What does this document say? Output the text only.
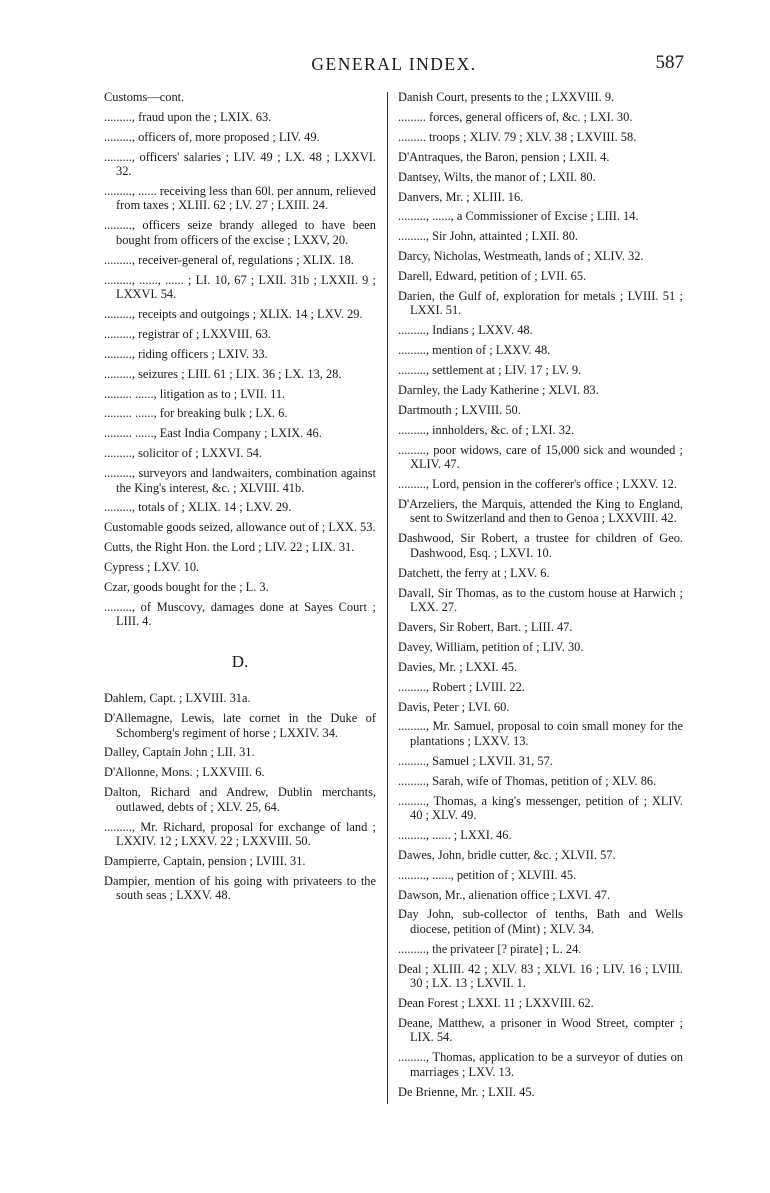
GENERAL INDEX.	587

Customs—cont.

........., fraud upon the ; LXIX. 63.

........., officers of, more proposed ; LIV. 49.

........., officers' salaries ; LIV. 49 ; LX. 48 ; LXXVI. 32.

........., ...... receiving less than 60l. per annum, relieved from taxes ; XLIII. 62 ; LV. 27 ; LXIII. 24.

........., officers seize brandy alleged to have been bought from officers of the excise ; LXXV, 20.

........., receiver-general of, regulations ; XLIX. 18.

........., ......, ...... ; LI. 10, 67 ; LXII. 31b ; LXXII. 9 ; LXXVI. 54.

........., receipts and outgoings ; XLIX. 14 ; LXV. 29.

........., registrar of ; LXXVIII. 63.

........., riding officers ; LXIV. 33.

........., seizures ; LIII. 61 ; LIX. 36 ; LX. 13, 28.

......... ......, litigation as to ; LVII. 11.

......... ......, for breaking bulk ; LX. 6.

......... ......, East India Company ; LXIX. 46.

........., solicitor of ; LXXVI. 54.

........., surveyors and landwaiters, combination against the King's interest, &c. ; XLVIII. 41b.

........., totals of ; XLIX. 14 ; LXV. 29.

Customable goods seized, allowance out of ; LXX. 53.

Cutts, the Right Hon. the Lord ; LIV. 22 ; LIX. 31.

Cypress ; LXV. 10.

Czar, goods bought for the ; L. 3.

........., of Muscovy, damages done at Sayes Court ; LIII. 4.

D.

Dahlem, Capt. ; LXVIII. 31a.

D'Allemagne, Lewis, late cornet in the Duke of Schomberg's regiment of horse ; LXXIV. 34.

Dalley, Captain John ; LII. 31.

D'Allonne, Mons. ; LXXVIII. 6.

Dalton, Richard and Andrew, Dublin merchants, outlawed, debts of ; XLV. 25, 64.

........., Mr. Richard, proposal for exchange of land ; LXXIV. 12 ; LXXV. 22 ; LXXVIII. 50.

Dampierre, Captain, pension ; LVIII. 31.

Dampier, mention of his going with privateers to the south seas ; LXXV. 48.

Danish Court, presents to the ; LXXVIII. 9.

......... forces, general officers of, &c. ; LXI. 30.

......... troops ; XLIV. 79 ; XLV. 38 ; LXVIII. 58.

D'Antraques, the Baron, pension ; LXII. 4.

Dantsey, Wilts, the manor of ; LXII. 80.

Danvers, Mr. ; XLIII. 16.

........., ......, a Commissioner of Excise ; LIII. 14.

........., Sir John, attainted ; LXII. 80.

Darcy, Nicholas, Westmeath, lands of ; XLIV. 32.

Darell, Edward, petition of ; LVII. 65.

Darien, the Gulf of, exploration for metals ; LVIII. 51 ; LXXI. 51.

........., Indians ; LXXV. 48.

........., mention of ; LXXV. 48.

........., settlement at ; LIV. 17 ; LV. 9.

Darnley, the Lady Katherine ; XLVI. 83.

Dartmouth ; LXVIII. 50.

........., innholders, &c. of ; LXI. 32.

........., poor widows, care of 15,000 sick and wounded ; XLIV. 47.

........., Lord, pension in the cofferer's office ; LXXV. 12.

D'Arzeliers, the Marquis, attended the King to England, sent to Switzerland and then to Genoa ; LXXVIII. 42.

Dashwood, Sir Robert, a trustee for children of Geo. Dashwood, Esq. ; LXVI. 10.

Datchett, the ferry at ; LXV. 6.

Davall, Sir Thomas, as to the custom house at Harwich ; LXX. 27.

Davers, Sir Robert, Bart. ; LIII. 47.

Davey, William, petition of ; LIV. 30.

Davies, Mr. ; LXXI. 45.

........., Robert ; LVIII. 22.

Davis, Peter ; LVI. 60.

........., Mr. Samuel, proposal to coin small money for the plantations ; LXXV. 13.

........., Samuel ; LXVII. 31, 57.

........., Sarah, wife of Thomas, petition of ; XLV. 86.

........., Thomas, a king's messenger, petition of ; XLIV. 40 ; XLV. 49.

........., ...... ; LXXI. 46.

Dawes, John, bridle cutter, &c. ; XLVII. 57.

........., ......, petition of ; XLVIII. 45.

Dawson, Mr., alienation office ; LXVI. 47.

Day John, sub-collector of tenths, Bath and Wells diocese, petition of (Mint) ; XLV. 34.

........., the privateer [? pirate] ; L. 24.

Deal ; XLIII. 42 ; XLV. 83 ; XLVI. 16 ; LIV. 16 ; LVIII. 30 ; LX. 13 ; LXVII. 1.

Dean Forest ; LXXI. 11 ; LXXVIII. 62.

Deane, Matthew, a prisoner in Wood Street, compter ; LIX. 54.

........., Thomas, application to be a surveyor of duties on marriages ; LXV. 13.

De Brienne, Mr. ; LXII. 45.
